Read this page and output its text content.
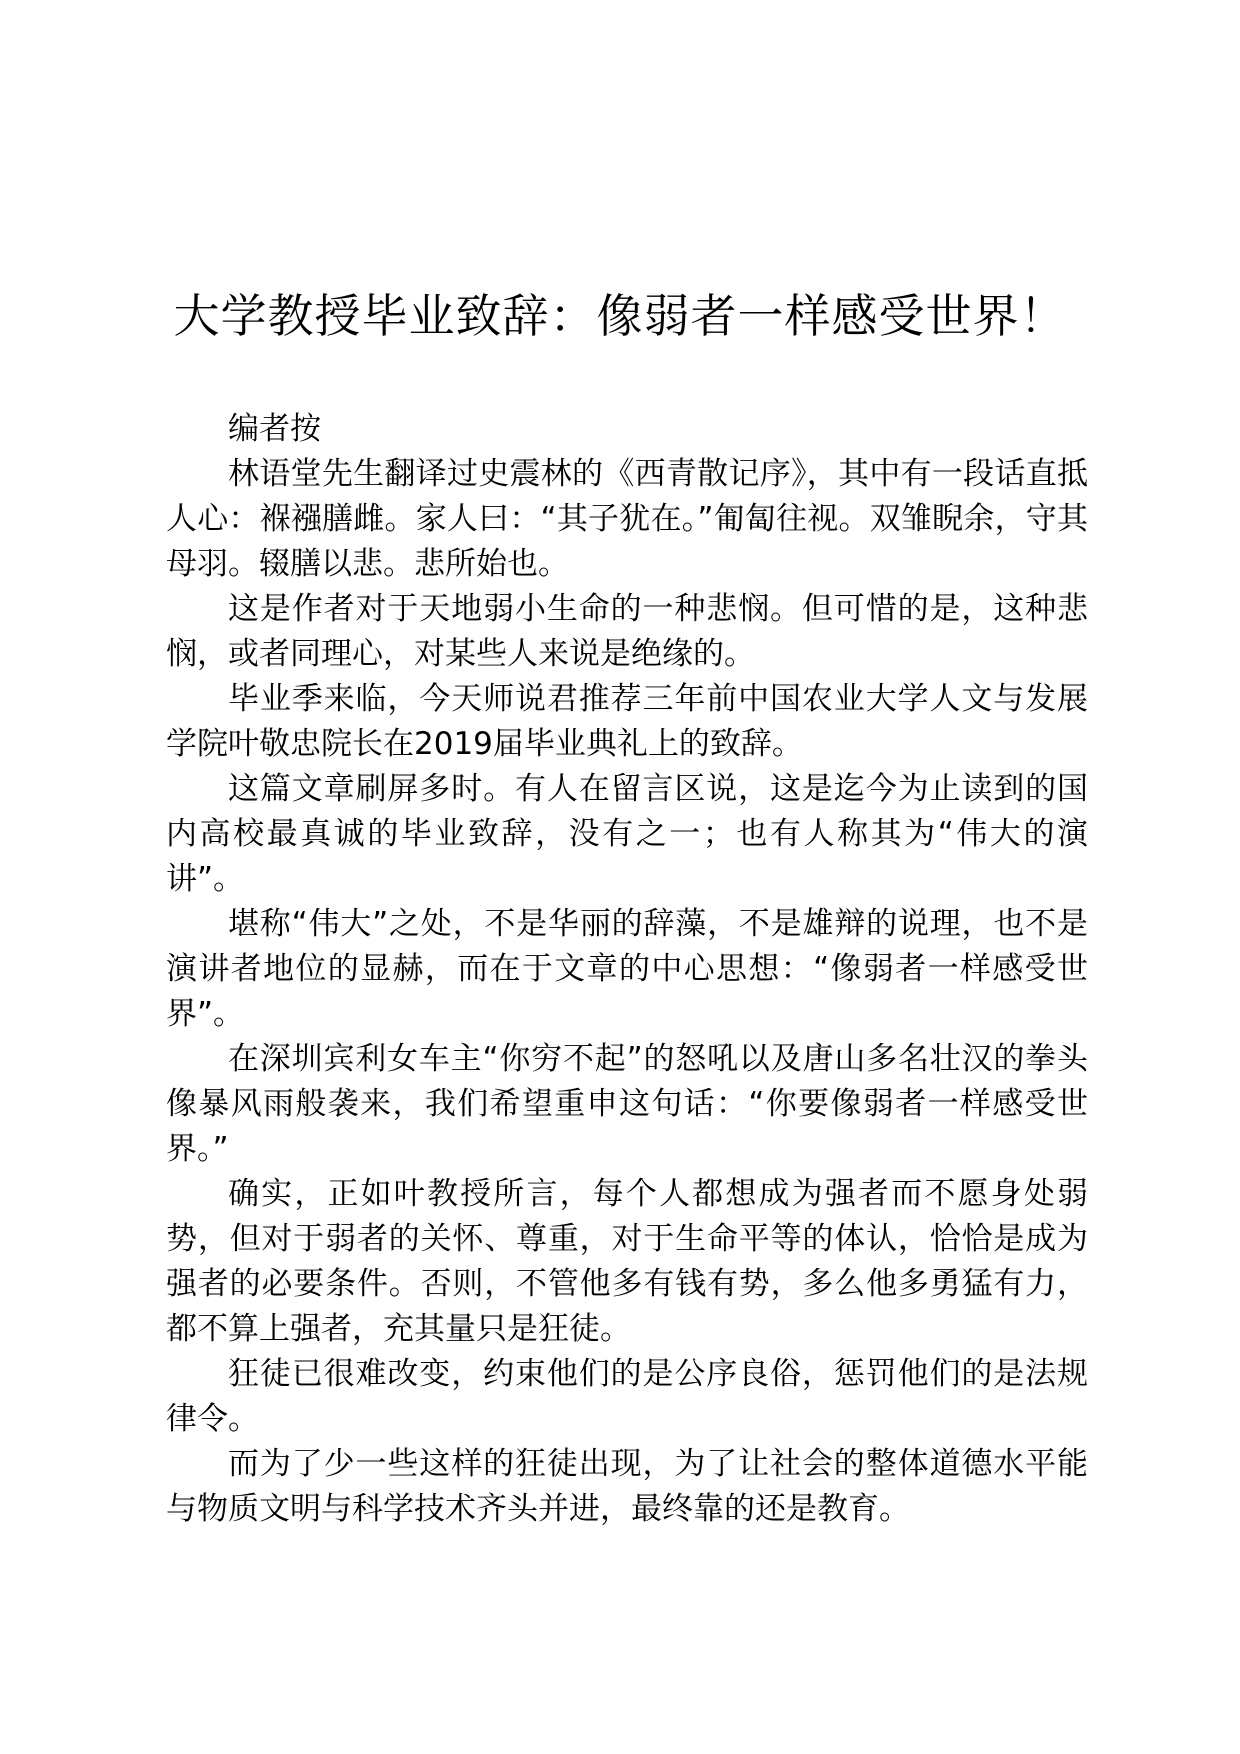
大学教授毕业致辞：像弱者一样感受世界！

编者按

林语堂先生翻译过史震林的《西青散记序》，其中有一段话直抵人心：褓襁膳雌。家人曰：“其子犹在。”匍匐往视。双雏睨余，守其母羽。辍膳以悲。悲所始也。

这是作者对于天地弱小生命的一种悲悯。但可惜的是，这种悲悯，或者同理心，对某些人来说是绝缘的。

毕业季来临，今天师说君推荐三年前中国农业大学人文与发展学院叶敬忠院长在2019届毕业典礼上的致辞。

这篇文章刷屏多时。有人在留言区说，这是迄今为止读到的国内高校最真诚的毕业致辞，没有之一；也有人称其为“伟大的演讲”。

堪称“伟大”之处，不是华丽的辞藻，不是雄辩的说理，也不是演讲者地位的显赫，而在于文章的中心思想：“像弱者一样感受世界”。

在深圳宾利女车主“你穷不起”的怒吼以及唐山多名壮汉的拳头像暴风雨般袭来，我们希望重申这句话：“你要像弱者一样感受世界。”

确实，正如叶教授所言，每个人都想成为强者而不愿身处弱势，但对于弱者的关怀、尊重，对于生命平等的体认，恰恰是成为强者的必要条件。否则，不管他多有钱有势，多么他多勇猛有力，都不算上强者，充其量只是狂徒。

狂徒已很难改变，约束他们的是公序良俗，惩罚他们的是法规律令。

而为了少一些这样的狂徒出现，为了让社会的整体道德水平能与物质文明与科学技术齐头并进，最终靠的还是教育。
